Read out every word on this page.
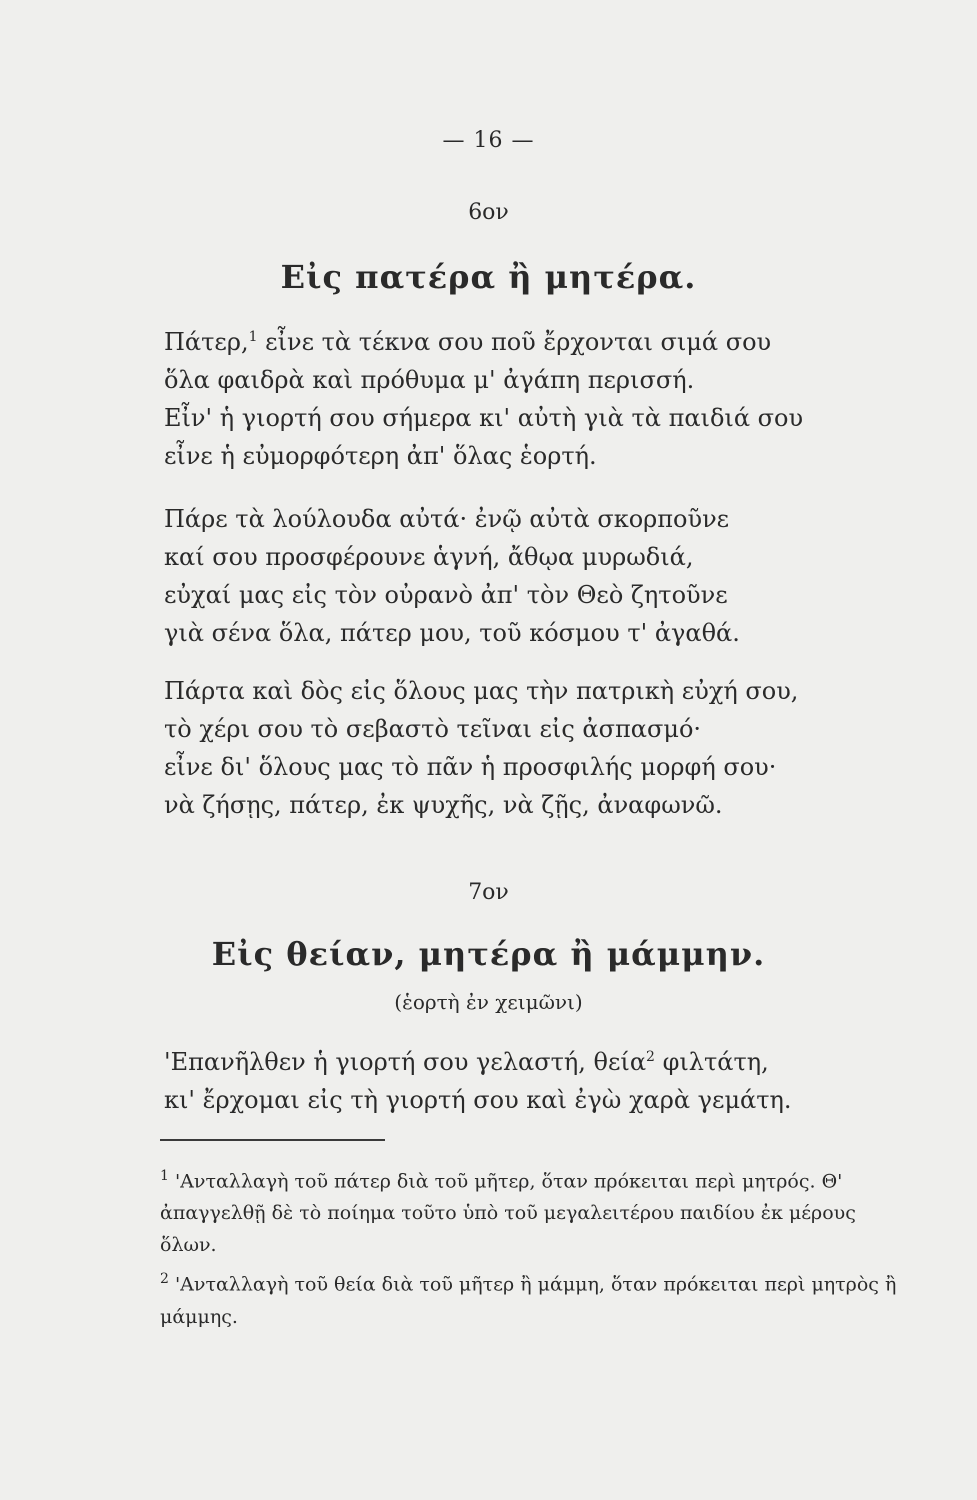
— 16 —
6ον
Εἰς πατέρα ἢ μητέρα.
Πάτερ,$^1$ εἶνε τὰ τέκνα σου ποῦ ἔρχονται σιμά σου
ὅλα φαιδρὰ καὶ πρόθυμα μ' ἀγάπη περισσή.
Εἶν' ἡ γιορτή σου σήμερα κι' αὐτὴ γιὰ τὰ παιδιά σου
εἶνε ἡ εὐμορφότερη ἀπ' ὅλας ἑορτή.
Πάρε τὰ λούλουδα αὐτά· ἐνῷ αὐτὰ σκορποῦνε
καί σου προσφέρουνε ἁγνή, ἄθῳα μυρωδιά,
εὐχαί μας εἰς τὸν οὐρανὸ ἀπ' τὸν Θεὸ ζητοῦνε
γιὰ σένα ὅλα, πάτερ μου, τοῦ κόσμου τ' ἀγαθά.
Πάρτα καὶ δὸς εἰς ὅλους μας τὴν πατρικὴ εὐχή σου,
τὸ χέρι σου τὸ σεβαστὸ τεῖναι εἰς ἀσπασμό·
εἶνε δι' ὅλους μας τὸ πᾶν ἡ προσφιλής μορφή σου·
νὰ ζήσῃς, πάτερ, ἐκ ψυχῆς, νὰ ζῇς, ἀναφωνῶ.
7ον
Εἰς θείαν, μητέρα ἢ μάμμην.
(ἑορτὴ ἐν χειμῶνι)
'Επανῆλθεν ἡ γιορτή σου γελαστή, θεία$^2$ φιλτάτη,
κι' ἔρχομαι εἰς τὴ γιορτή σου καὶ ἐγὼ χαρὰ γεμάτη.
$^1$ 'Ανταλλαγὴ τοῦ πάτερ διὰ τοῦ μῆτερ, ὅταν πρόκειται περὶ μητρός. Θ' ἀπαγγελθῇ δὲ τὸ ποίημα τοῦτο ὑπὸ τοῦ μεγαλειτέρου παιδίου ἐκ μέρους ὅλων.
$^2$ 'Ανταλλαγὴ τοῦ θεία διὰ τοῦ μῆτερ ἢ μάμμη, ὅταν πρόκειται περὶ μητρὸς ἢ μάμμης.
